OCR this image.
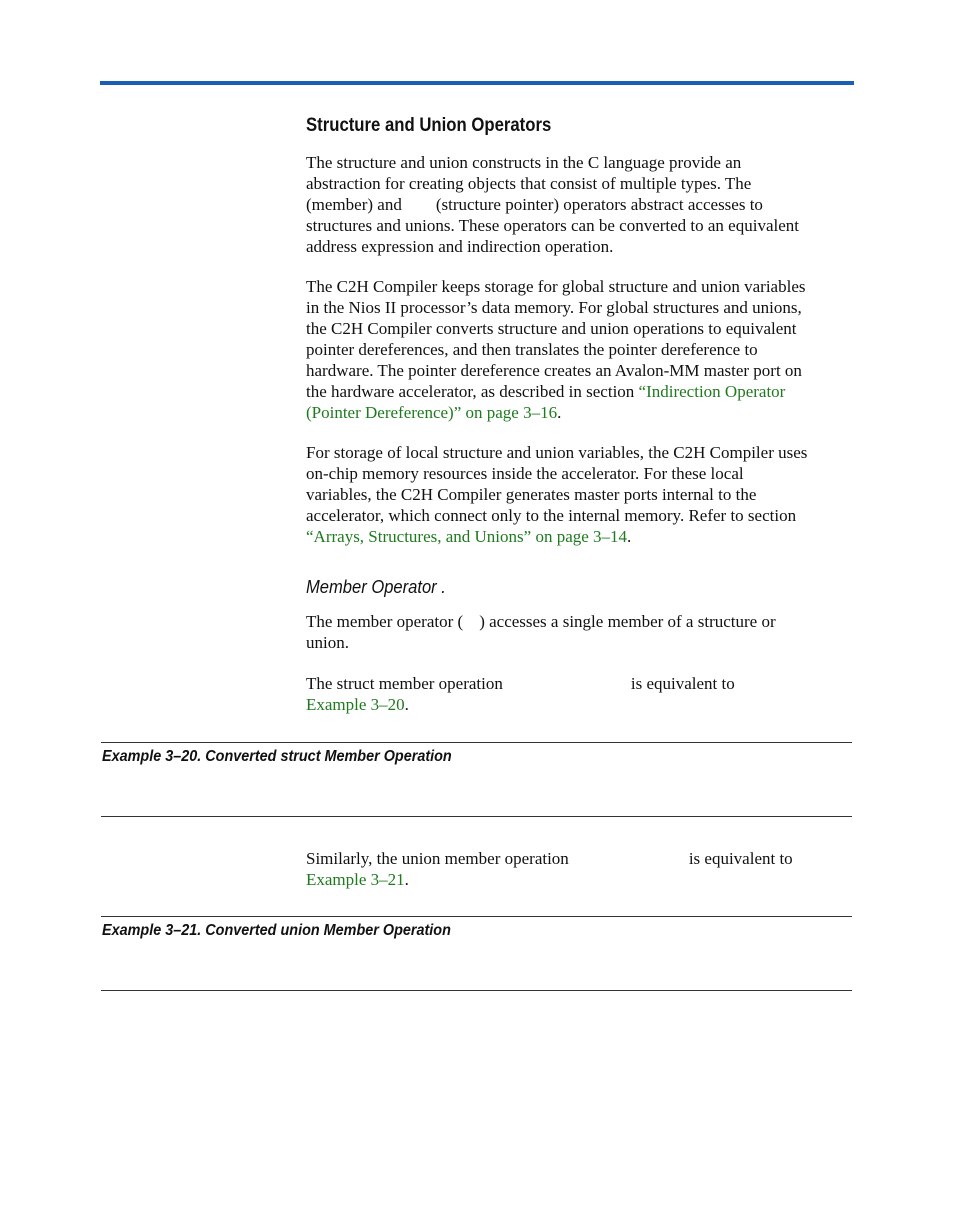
Structure and Union Operators
The structure and union constructs in the C language provide an
abstraction for creating objects that consist of multiple types. The
(member) and (structure pointer) operators abstract accesses to
structures and unions. These operators can be converted to an equivalent
address expression and indirection operation.
The C2H Compiler keeps storage for global structure and union variables
in the Nios II processor’s data memory. For global structures and unions,
the C2H Compiler converts structure and union operations to equivalent
pointer dereferences, and then translates the pointer dereference to
hardware. The pointer dereference creates an Avalon-MM master port on
the hardware accelerator, as described in section “Indirection Operator
(Pointer Dereference)” on page 3–16.
For storage of local structure and union variables, the C2H Compiler uses
on-chip memory resources inside the accelerator. For these local
variables, the C2H Compiler generates master ports internal to the
accelerator, which connect only to the internal memory. Refer to section
“Arrays, Structures, and Unions” on page 3–14.
Member Operator .
The member operator ( ) accesses a single member of a structure or
union.
The struct member operation	is equivalent to
Example 3–20.
Example 3–20. Converted struct Member Operation
Similarly, the union member operation	is equivalent to
Example 3–21.
Example 3–21. Converted union Member Operation
